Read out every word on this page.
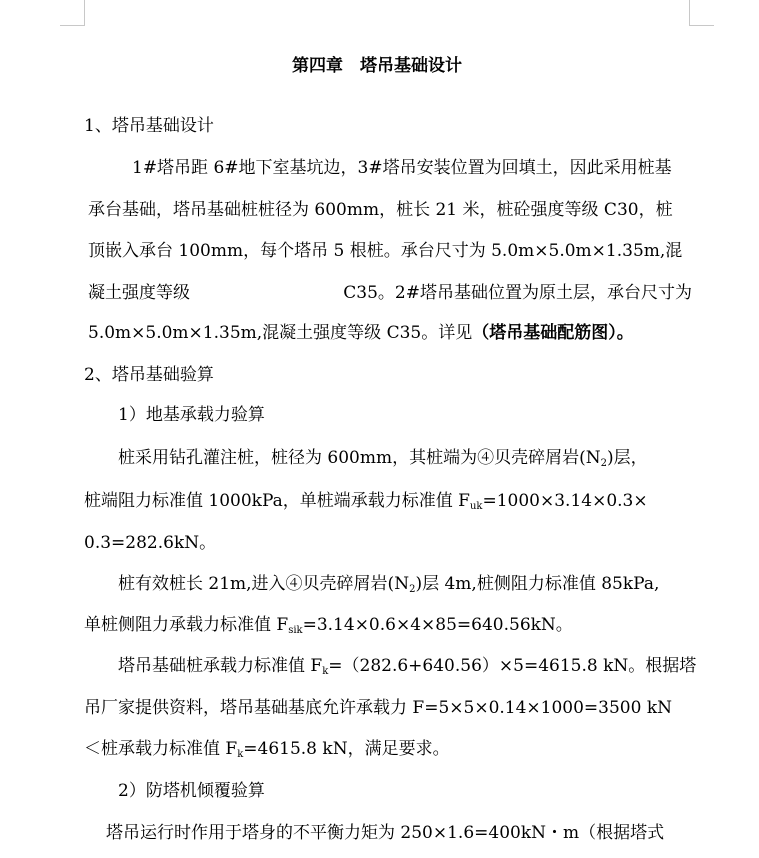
第四章　塔吊基础设计
1、塔吊基础设计
1#塔吊距 6#地下室基坑边，3#塔吊安装位置为回填土，因此采用桩基
承台基础，塔吊基础桩桩径为 600mm，桩长 21 米，桩砼强度等级 C30，桩
顶嵌入承台 100mm，每个塔吊 5 根桩。承台尺寸为 5.0m×5.0m×1.35m,混
凝土强度等级	C35。2#塔吊基础位置为原土层，承台尺寸为
5.0m×5.0m×1.35m,混凝土强度等级 C35。详见（塔吊基础配筋图）。
2、塔吊基础验算
1）地基承载力验算
桩采用钻孔灌注桩，桩径为 600mm，其桩端为④贝壳碎屑岩$(N_2)$层，
桩端阻力标准值 1000kPa，单桩端承载力标准值 $F_{uk}=1000\times 3.14\times 0.3\times$
0.3=282.6kN。
桩有效桩长 21m,进入④贝壳碎屑岩$(N_2)$层 4m,桩侧阻力标准值 85kPa,
单桩侧阻力承载力标准值 $F_{sik}=3.14\times 0.6\times 4\times 85=640.56kN$。
塔吊基础桩承载力标准值 $F_k=(282.6+640.56)\times 5=4615.8$ kN。根据塔
吊厂家提供资料，塔吊基础基底允许承载力 F=5×5×0.14×1000=3500 kN
＜桩承载力标准值 $F_k=4615.8$ kN，满足要求。
2）防塔机倾覆验算
塔吊运行时作用于塔身的不平衡力矩为 250×1.6=400kN・m（根据塔式
